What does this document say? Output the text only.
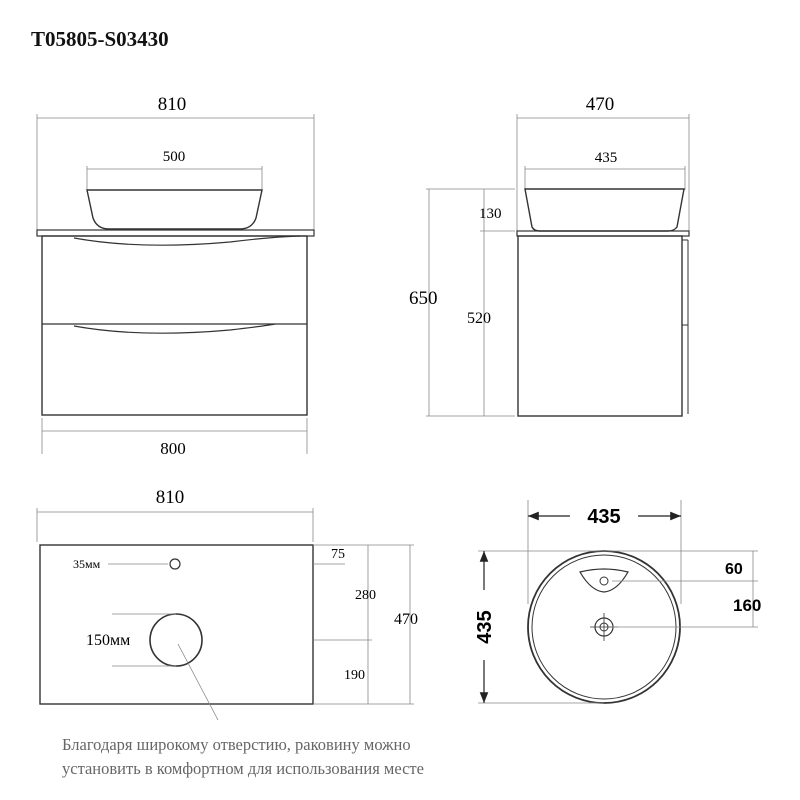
T05805-S03430
810
500
800
470
435
650
130
520
810
35мм
150мм
75
280
190
470
435
435
60
160
Благодаря широкому отверстию, раковину можно
установить в комфортном для использования месте
